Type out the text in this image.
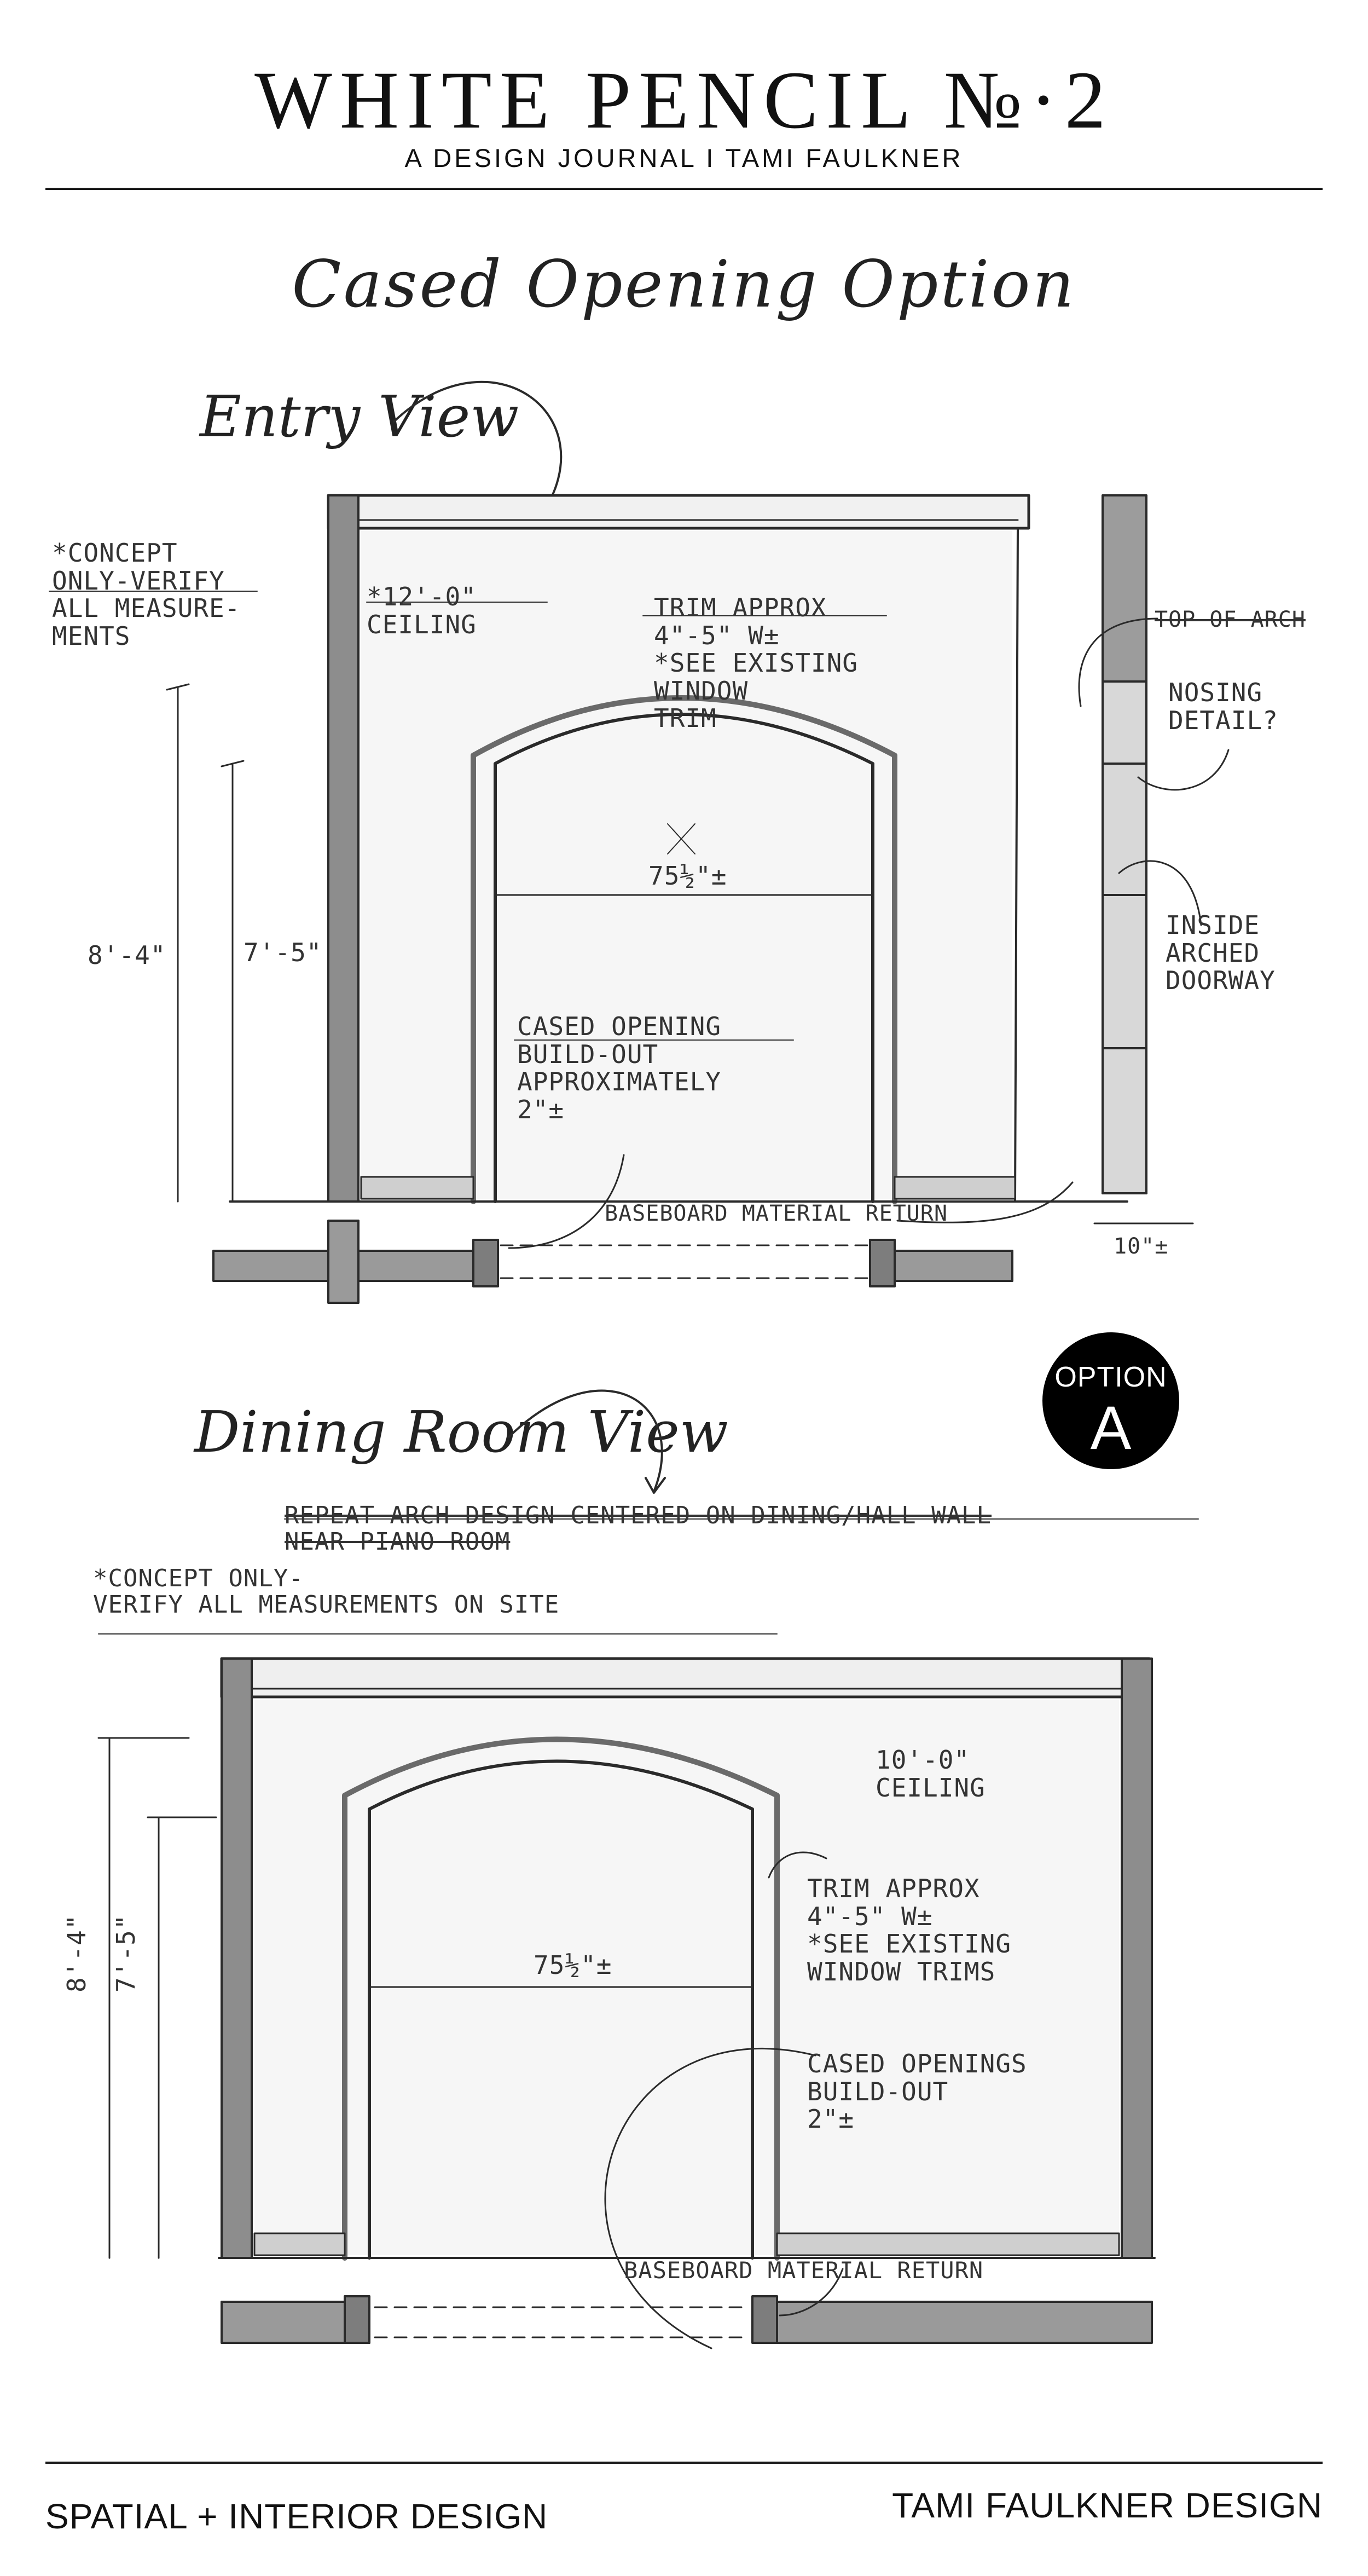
WHITE PENCIL №·2
A DESIGN JOURNAL I TAMI FAULKNER
Cased Opening Option
Entry View
*CONCEPT
ONLY-VERIFY
ALL MEASURE-
MENTS
*12'-0"
CEILING
TRIM APPROX
4"-5" W±
*SEE EXISTING
WINDOW
TRIM
TOP OF ARCH
NOSING
DETAIL?
INSIDE
ARCHED
DOORWAY
75½"±
8'-4"	7'-5"
CASED OPENING
BUILD-OUT
APPROXIMATELY
2"±
BASEBOARD MATERIAL RETURN
10"±
OPTION
A
Dining Room View
REPEAT ARCH DESIGN CENTERED ON DINING/HALL WALL
NEAR PIANO ROOM
*CONCEPT ONLY-
VERIFY ALL MEASUREMENTS ON SITE
10'-0"
CEILING
TRIM APPROX
4"-5" W±
*SEE EXISTING
WINDOW TRIMS
CASED OPENINGS
BUILD-OUT
2"±
75½"±
8'-4" 7'-5"
BASEBOARD MATERIAL RETURN
SPATIAL + INTERIOR DESIGN	TAMI FAULKNER DESIGN
